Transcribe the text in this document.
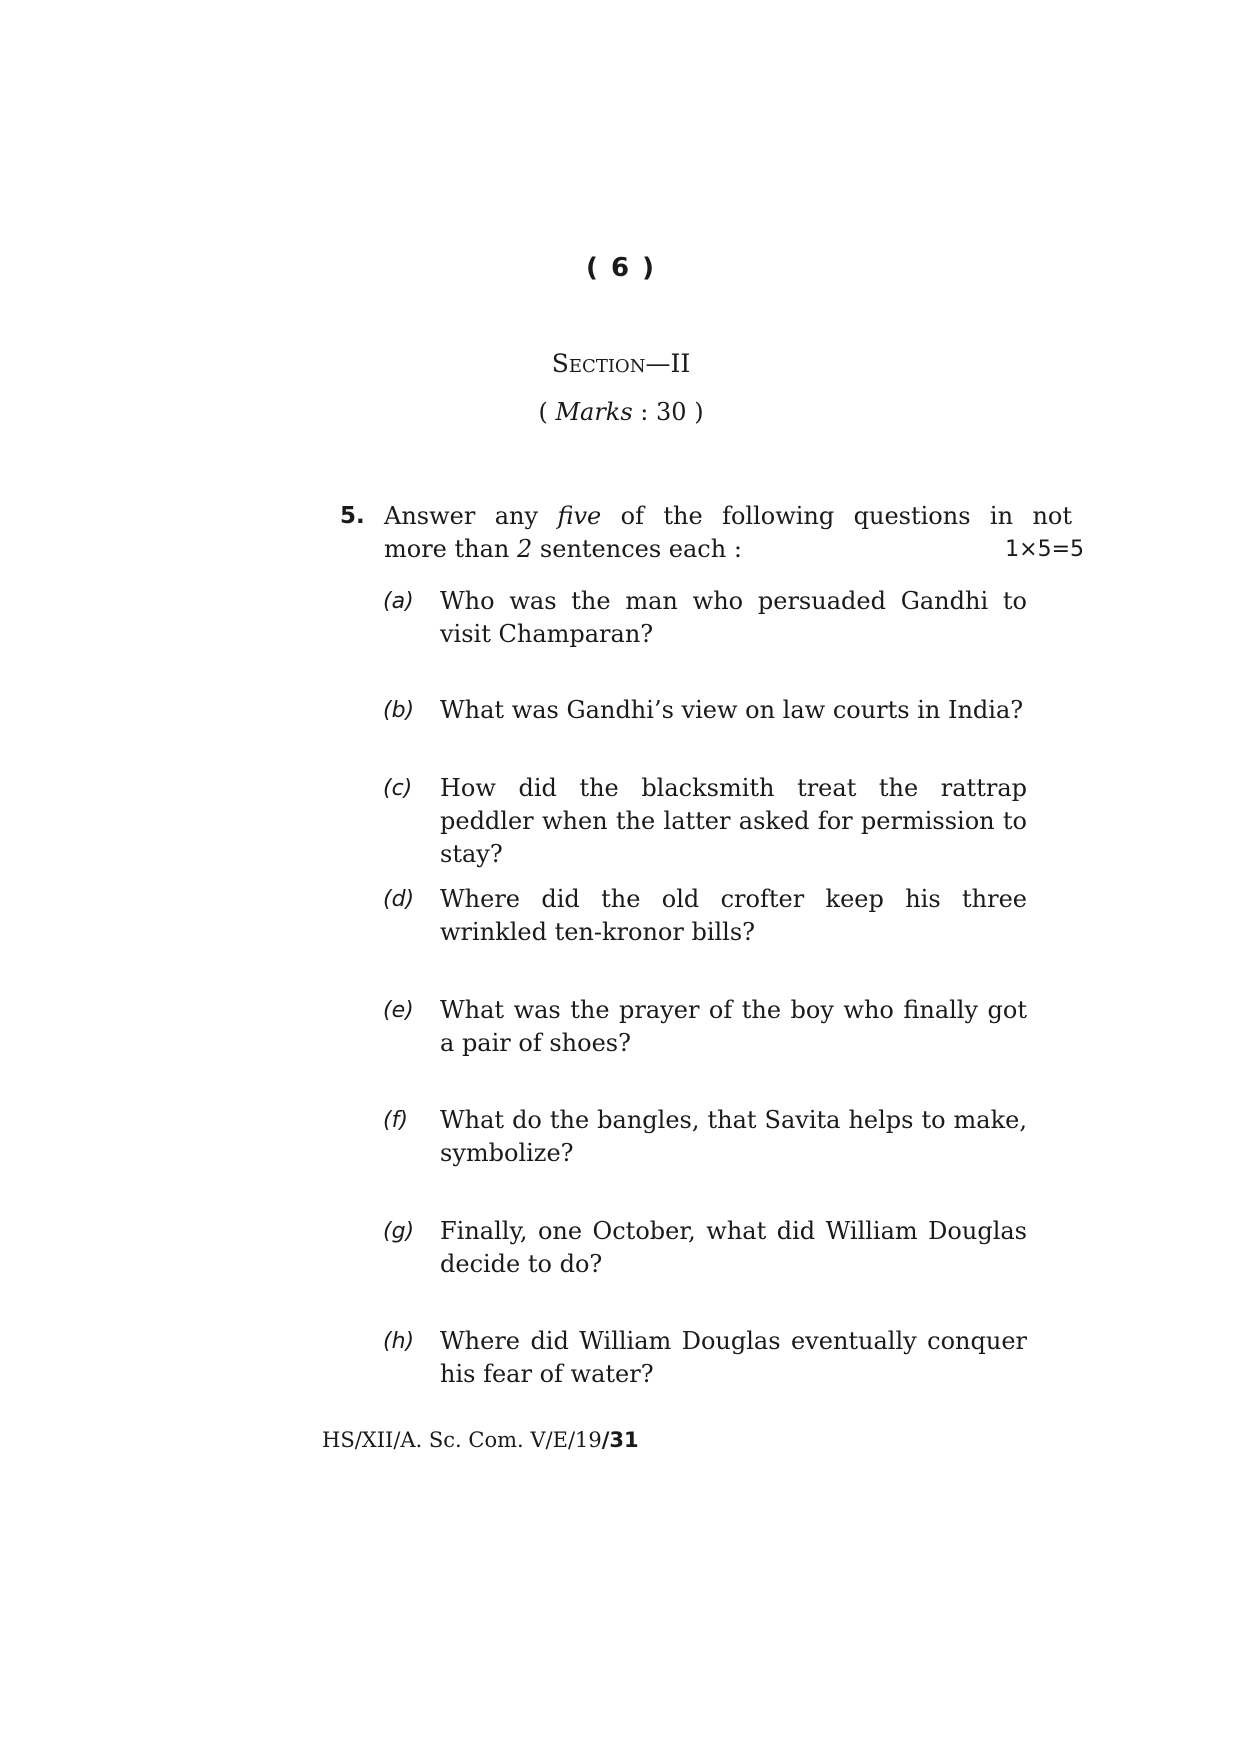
( 6 )
Section—II
( Marks : 30 )
5. Answer any five of the following questions in not
more than 2 sentences each :	1×5=5
(a) Who was the man who persuaded Gandhi to visit Champaran?
(b) What was Gandhi’s view on law courts in India?
(c) How did the blacksmith treat the rattrap peddler when the latter asked for permission to stay?
(d) Where did the old crofter keep his three wrinkled ten-kronor bills?
(e) What was the prayer of the boy who finally got a pair of shoes?
(f) What do the bangles, that Savita helps to make, symbolize?
(g) Finally, one October, what did William Douglas decide to do?
(h) Where did William Douglas eventually conquer his fear of water?
HS/XII/A. Sc. Com. V/E/19/31
